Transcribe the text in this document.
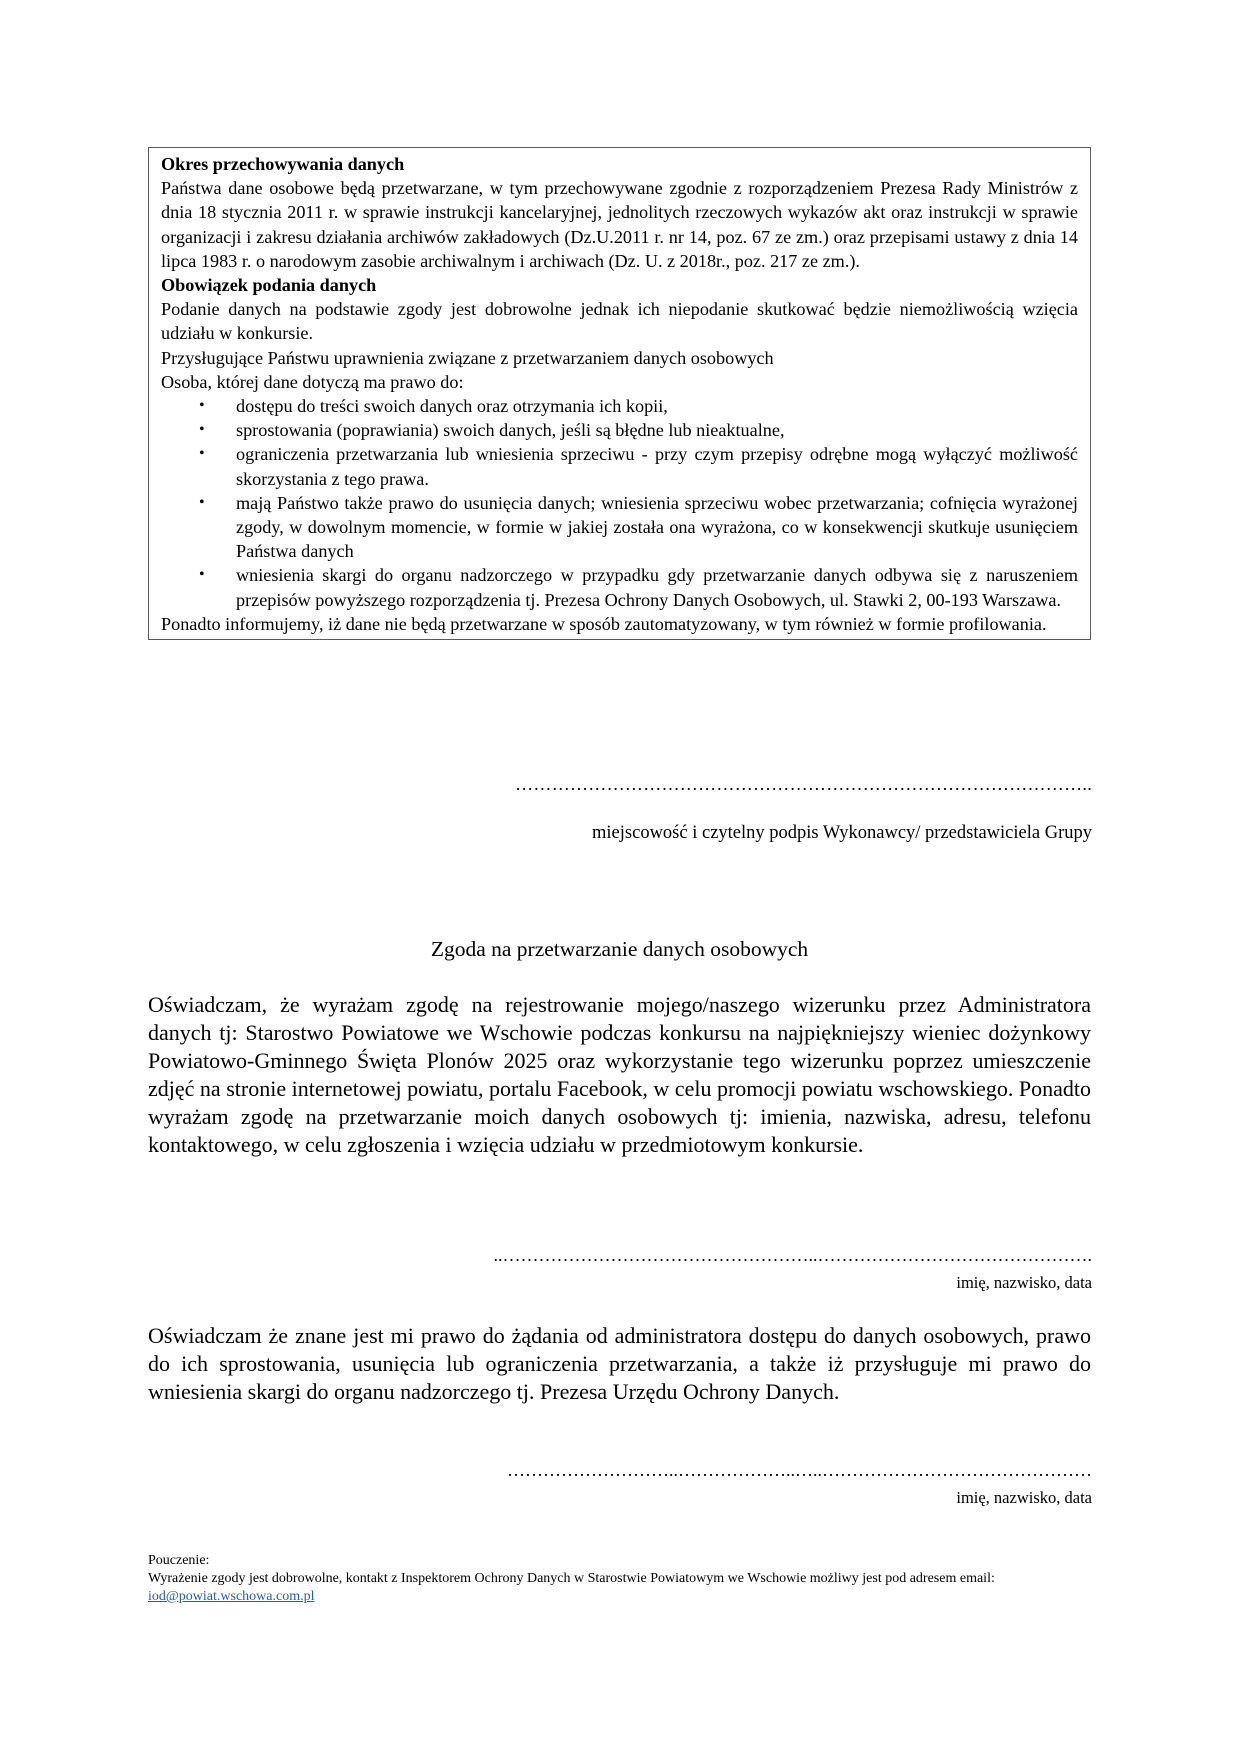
Okres przechowywania danych

Państwa dane osobowe będą przetwarzane, w tym przechowywane zgodnie z rozporządzeniem Prezesa Rady Ministrów z dnia 18 stycznia 2011 r. w sprawie instrukcji kancelaryjnej, jednolitych rzeczowych wykazów akt oraz instrukcji w sprawie organizacji i zakresu działania archiwów zakładowych (Dz.U.2011 r. nr 14, poz. 67 ze zm.) oraz przepisami ustawy z dnia 14 lipca 1983 r. o narodowym zasobie archiwalnym i archiwach (Dz. U. z 2018r., poz. 217 ze zm.).

Obowiązek podania danych

Podanie danych na podstawie zgody jest dobrowolne jednak ich niepodanie skutkować będzie niemożliwością wzięcia udziału w konkursie.

Przysługujące Państwu uprawnienia związane z przetwarzaniem danych osobowych

Osoba, której dane dotyczą ma prawo do:

• dostępu do treści swoich danych oraz otrzymania ich kopii,
• sprostowania (poprawiania) swoich danych, jeśli są błędne lub nieaktualne,
• ograniczenia przetwarzania lub wniesienia sprzeciwu - przy czym przepisy odrębne mogą wyłączyć możliwość skorzystania z tego prawa.
• mają Państwo także prawo do usunięcia danych; wniesienia sprzeciwu wobec przetwarzania; cofnięcia wyrażonej zgody, w dowolnym momencie, w formie w jakiej została ona wyrażona, co w konsekwencji skutkuje usunięciem Państwa danych
• wniesienia skargi do organu nadzorczego w przypadku gdy przetwarzanie danych odbywa się z naruszeniem przepisów powyższego rozporządzenia tj. Prezesa Ochrony Danych Osobowych, ul. Stawki 2, 00-193 Warszawa.

Ponadto informujemy, iż dane nie będą przetwarzane w sposób zautomatyzowany, w tym również w formie profilowania.

…………………………………………………………………………………..
miejscowość i czytelny podpis Wykonawcy/ przedstawiciela Grupy
Zgoda na przetwarzanie danych osobowych

Oświadczam, że wyrażam zgodę na rejestrowanie mojego/naszego wizerunku przez Administratora danych tj: Starostwo Powiatowe we Wschowie podczas konkursu na najpiękniejszy wieniec dożynkowy Powiatowo-Gminnego Święta Plonów 2025 oraz wykorzystanie tego wizerunku poprzez umieszczenie zdjęć na stronie internetowej powiatu, portalu Facebook, w celu promocji powiatu wschowskiego. Ponadto wyrażam zgodę na przetwarzanie moich danych osobowych tj: imienia, nazwiska, adresu, telefonu kontaktowego, w celu zgłoszenia i wzięcia udziału w przedmiotowym konkursie.

..……………………………………………..……………………………………….
imię, nazwisko, data

Oświadczam że znane jest mi prawo do żądania od administratora dostępu do danych osobowych, prawo do ich sprostowania, usunięcia lub ograniczenia przetwarzania, a także iż przysługuje mi prawo do wniesienia skargi do organu nadzorczego tj. Prezesa Urzędu Ochrony Danych.

………………………..………………..…..………………………………………
imię, nazwisko, data

Pouczenie:

Wyrażenie zgody jest dobrowolne, kontakt z Inspektorem Ochrony Danych w Starostwie Powiatowym we Wschowie możliwy jest pod adresem email: iod@powiat.wschowa.com.pl
